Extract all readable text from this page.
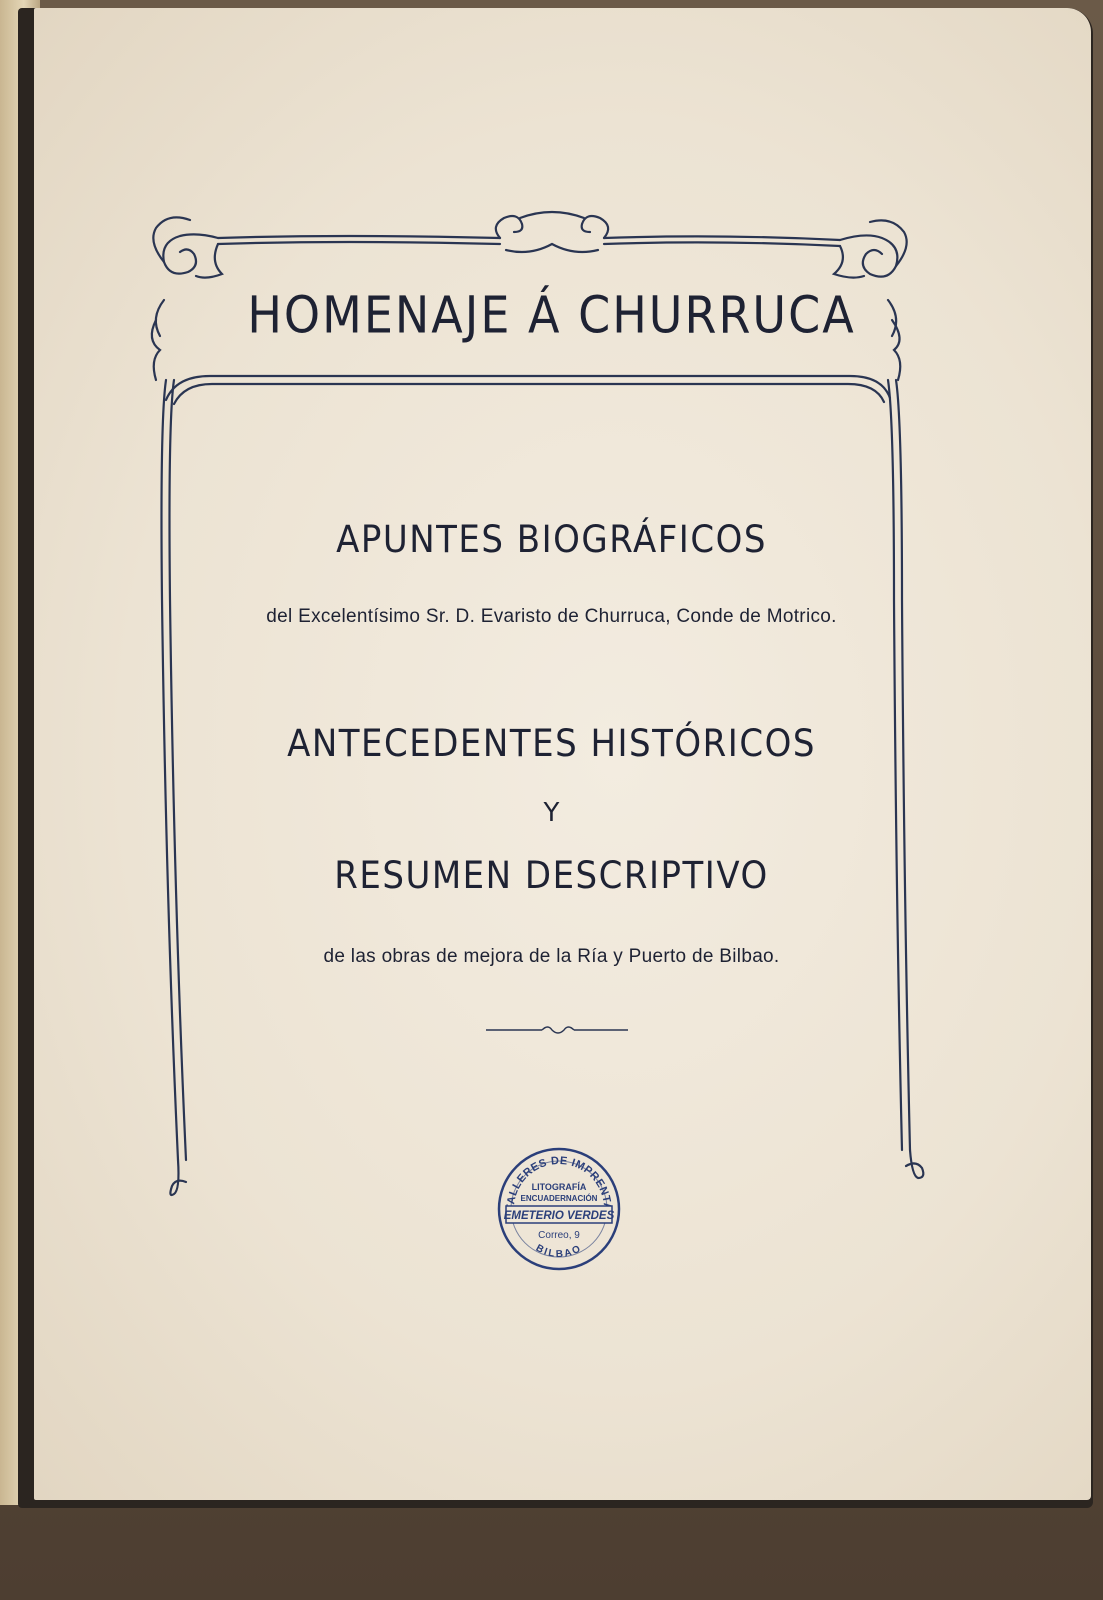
HOMENAJE Á CHURRUCA
APUNTES BIOGRÁFICOS
del Excelentísimo Sr. D. Evaristo de Churruca, Conde de Motrico.
ANTECEDENTES HISTÓRICOS
Y
RESUMEN DESCRIPTIVO
de las obras de mejora de la Ría y Puerto de Bilbao.
ALLERES DE IMPRENT
LITOGRAFÍA
ENCUADERNACIÓN
EMETERIO VERDES
Correo, 9
BILBAO
